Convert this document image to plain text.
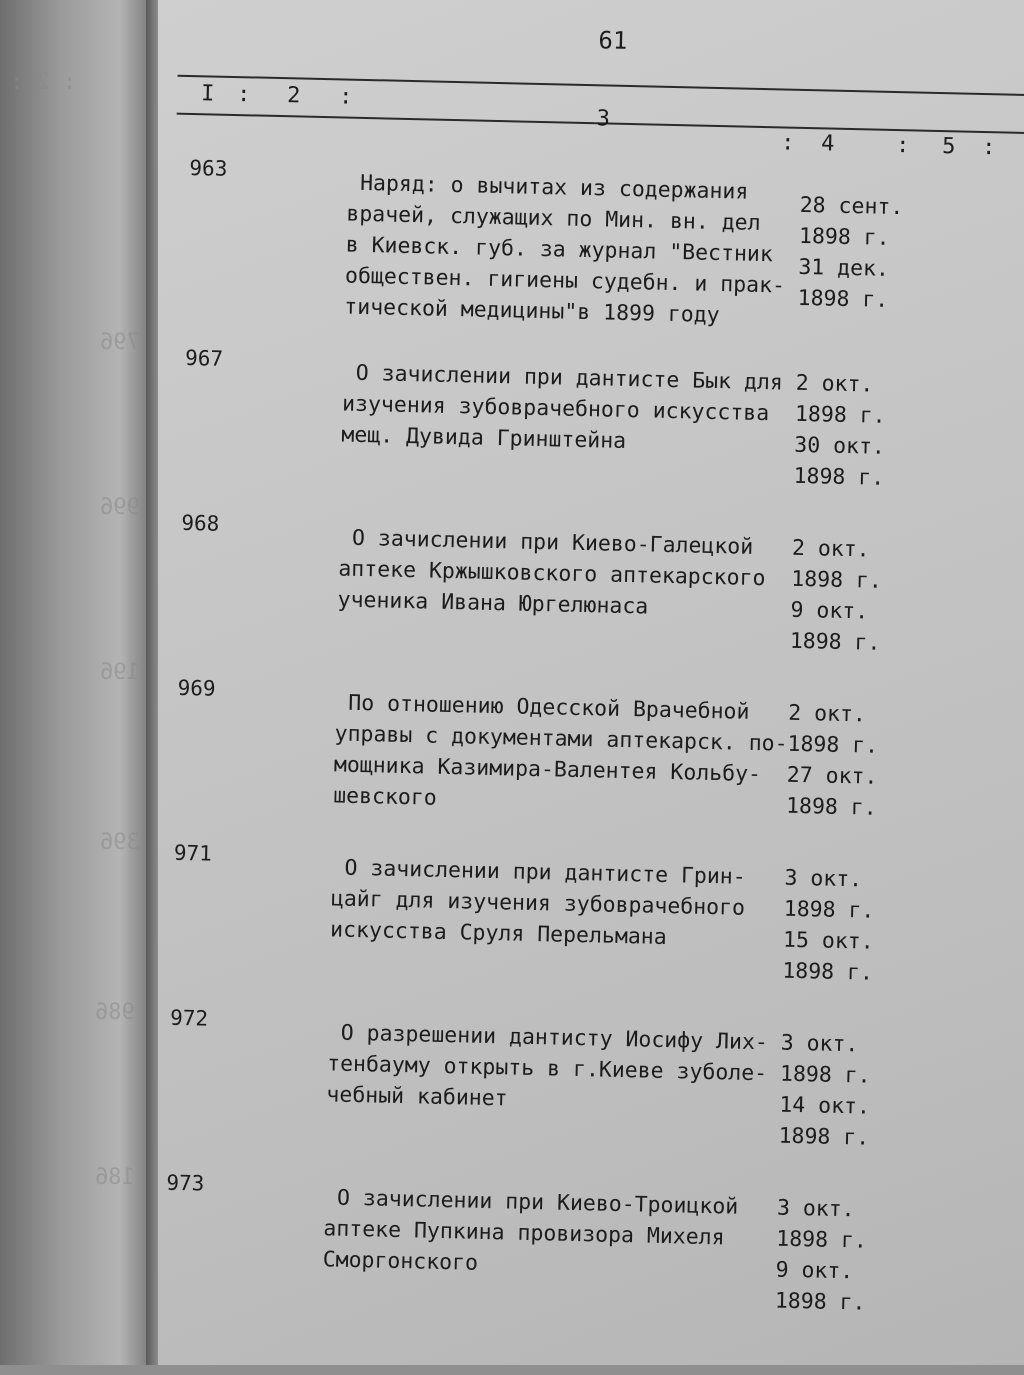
: 2 :
796
996
196
396
986
186
61
I : 2 :
3
: 4	: 5 :
963
Наряд: о вычитах из содержания
врачей, служащих по Мин. вн. дел
в Киевск. губ. за журнал "Вестник
обществен. гигиены судебн. и прак-
тической медицины"в 1899 году
28 сент.
1898 г.
31 дек.
1898 г.
967
О зачислении при дантисте Бык для
изучения зубоврачебного искусства
мещ. Дувида Гринштейна
2 окт.
1898 г.
30 окт.
1898 г.
968
О зачислении при Киево-Галецкой
аптеке Кржышковского аптекарского
ученика Ивана Юргелюнаса
2 окт.
1898 г.
9 окт.
1898 г.
969
По отношению Одесской Врачебной
управы с документами аптекарск. по-
мощника Казимира-Валентея Кольбу-
шевского
2 окт.
1898 г.
27 окт.
1898 г.
971
О зачислении при дантисте Грин-
цайг для изучения зубоврачебного
искусства Сруля Перельмана
3 окт.
1898 г.
15 окт.
1898 г.
972
О разрешении дантисту Иосифу Лих-
тенбауму открыть в г.Киеве зуболе-
чебный кабинет
3 окт.
1898 г.
14 окт.
1898 г.
973
О зачислении при Киево-Троицкой
аптеке Пупкина провизора Михеля
Сморгонского
3 окт.
1898 г.
9 окт.
1898 г.
